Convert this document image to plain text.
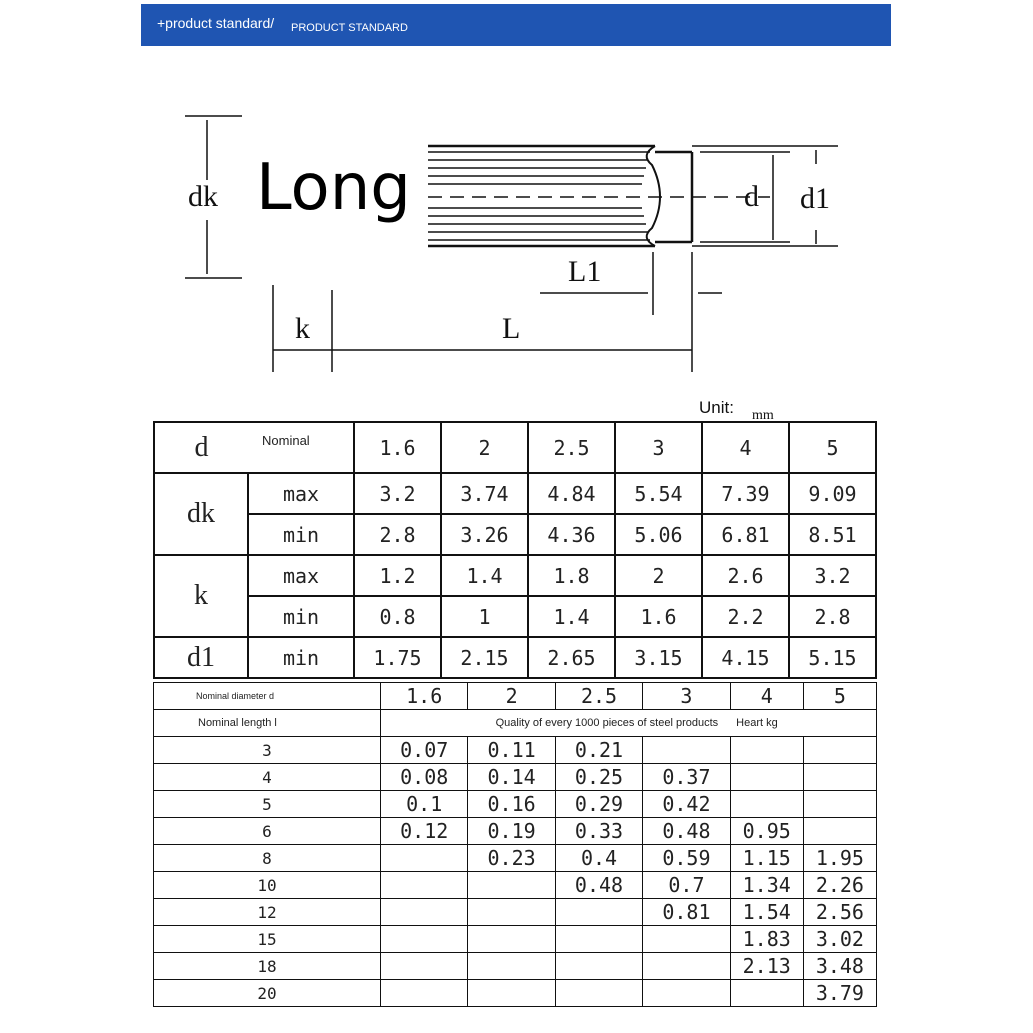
+product standard/ PRODUCT STANDARD
dk Long	d d1
L1
k	L
Unit: $_{mm}$
d	Nominal	1.6	2	2.5	3	4	5
dk	max	3.2	3.74	4.84	5.54	7.39	9.09
	min	2.8	3.26	4.36	5.06	6.81	8.51
k	max	1.2	1.4	1.8	2	2.6	3.2
	min	0.8	1	1.4	1.6	2.2	2.8
d1	min	1.75	2.15	2.65	3.15	4.15	5.15
Nominal diameter d	1.6	2	2.5	3	4	5
Nominal length l	Quality of every 1000 pieces of steel products				Heart kg	
3	0.07	0.11	0.21			
4	0.08	0.14	0.25	0.37		
5	0.1	0.16	0.29	0.42		
6	0.12	0.19	0.33	0.48	0.95	
8		0.23	0.4	0.59	1.15	1.95
10			0.48	0.7	1.34	2.26
12				0.81	1.54	2.56
15					1.83	3.02
18					2.13	3.48
20						3.79
